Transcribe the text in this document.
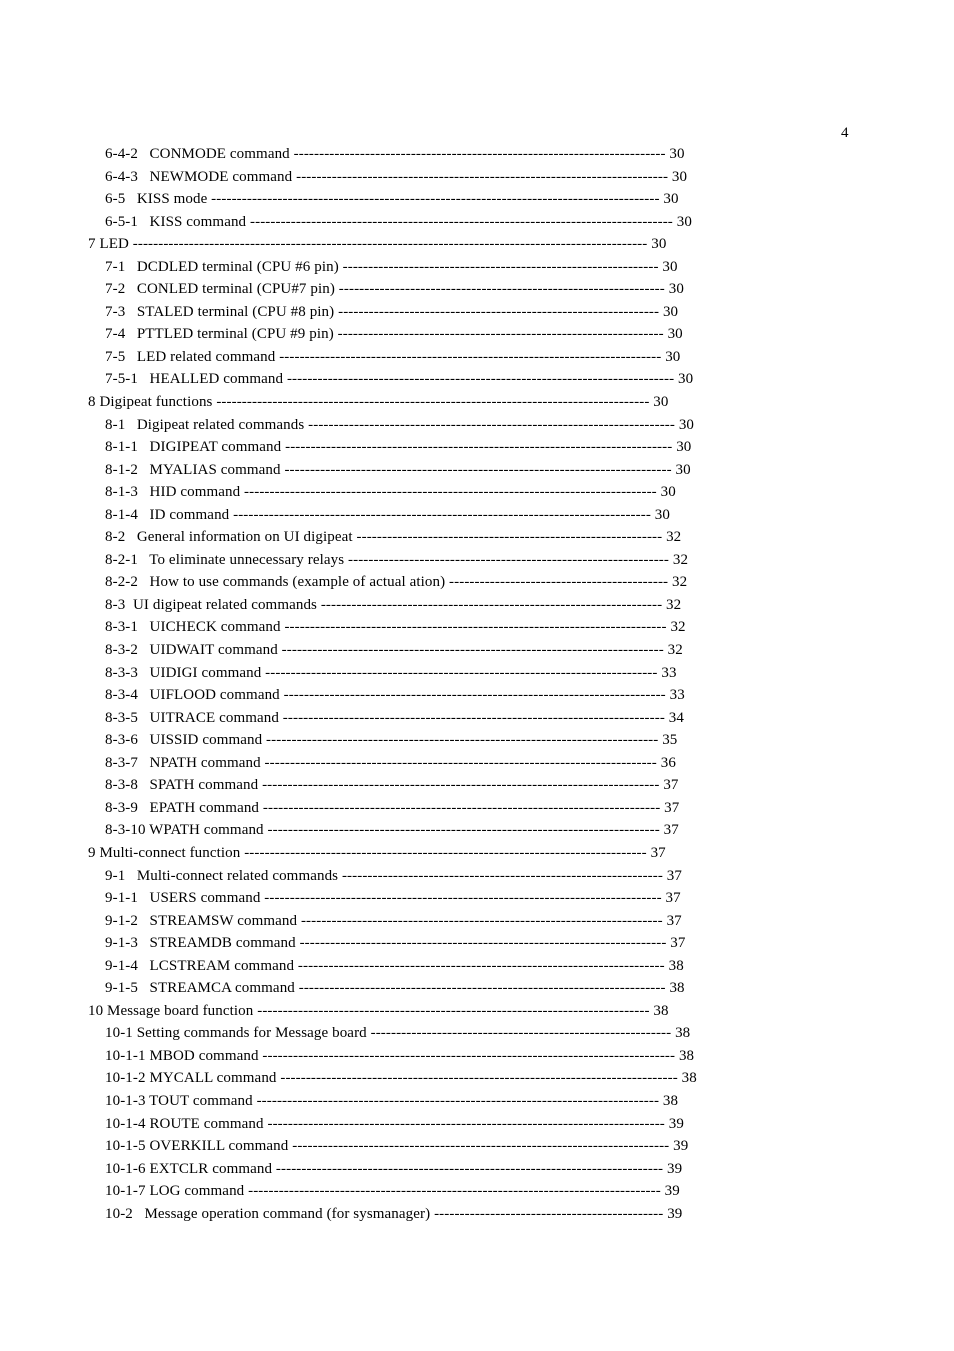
4
6-4-2   CONMODE command ------------------------------------------------------------------------- 30
6-4-3   NEWMODE command ------------------------------------------------------------------------- 30
6-5   KISS mode ---------------------------------------------------------------------------------------- 30
6-5-1   KISS command ----------------------------------------------------------------------------------- 30
7 LED ----------------------------------------------------------------------------------------------------- 30
7-1   DCDLED terminal (CPU #6 pin) -------------------------------------------------------------- 30
7-2   CONLED terminal (CPU#7 pin) ---------------------------------------------------------------- 30
7-3   STALED terminal (CPU #8 pin) --------------------------------------------------------------- 30
7-4   PTTLED terminal (CPU #9 pin) ---------------------------------------------------------------- 30
7-5   LED related command --------------------------------------------------------------------------- 30
7-5-1   HEALLED command ---------------------------------------------------------------------------- 30
8 Digipeat functions ------------------------------------------------------------------------------------- 30
8-1   Digipeat related commands ------------------------------------------------------------------------ 30
8-1-1   DIGIPEAT command ---------------------------------------------------------------------------- 30
8-1-2   MYALIAS command ---------------------------------------------------------------------------- 30
8-1-3   HID command --------------------------------------------------------------------------------- 30
8-1-4   ID command ---------------------------------------------------------------------------------- 30
8-2   General information on UI digipeat ------------------------------------------------------------ 32
8-2-1   To eliminate unnecessary relays --------------------------------------------------------------- 32
8-2-2   How to use commands (example of actual ation) ------------------------------------------- 32
8-3  UI digipeat related commands ------------------------------------------------------------------- 32
8-3-1   UICHECK command --------------------------------------------------------------------------- 32
8-3-2   UIDWAIT command --------------------------------------------------------------------------- 32
8-3-3   UIDIGI command ----------------------------------------------------------------------------- 33
8-3-4   UIFLOOD command --------------------------------------------------------------------------- 33
8-3-5   UITRACE command --------------------------------------------------------------------------- 34
8-3-6   UISSID command ----------------------------------------------------------------------------- 35
8-3-7   NPATH command ----------------------------------------------------------------------------- 36
8-3-8   SPATH command ------------------------------------------------------------------------------ 37
8-3-9   EPATH command ------------------------------------------------------------------------------ 37
8-3-10 WPATH command ----------------------------------------------------------------------------- 37
9 Multi-connect function ------------------------------------------------------------------------------- 37
9-1   Multi-connect related commands --------------------------------------------------------------- 37
9-1-1   USERS command ------------------------------------------------------------------------------ 37
9-1-2   STREAMSW command ----------------------------------------------------------------------- 37
9-1-3   STREAMDB command ------------------------------------------------------------------------ 37
9-1-4   LCSTREAM command ------------------------------------------------------------------------ 38
9-1-5   STREAMCA command ------------------------------------------------------------------------ 38
10 Message board function ----------------------------------------------------------------------------- 38
10-1 Setting commands for Message board ----------------------------------------------------------- 38
10-1-1 MBOD command --------------------------------------------------------------------------------- 38
10-1-2 MYCALL command ------------------------------------------------------------------------------ 38
10-1-3 TOUT command ------------------------------------------------------------------------------- 38
10-1-4 ROUTE command ------------------------------------------------------------------------------ 39
10-1-5 OVERKILL command -------------------------------------------------------------------------- 39
10-1-6 EXTCLR command ---------------------------------------------------------------------------- 39
10-1-7 LOG command --------------------------------------------------------------------------------- 39
10-2   Message operation command (for sysmanager) --------------------------------------------- 39
